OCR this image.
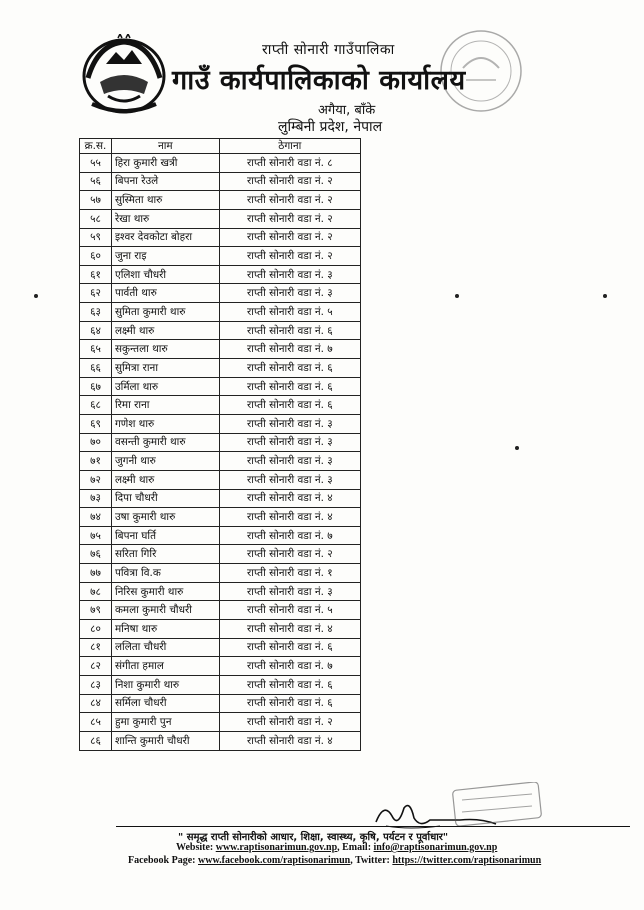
राप्ती सोनारी गाउँपालिका
गाउँ कार्यपालिकाको कार्यालय
अगैया, बाँके
लुम्बिनी प्रदेश, नेपाल
क्र.स.	नाम	ठेगाना
५५	हिरा कुमारी खत्री	राप्ती सोनारी वडा नं. ८
५६	बिपना रेउले	राप्ती सोनारी वडा नं. २
५७	सुस्मिता थारु	राप्ती सोनारी वडा नं. २
५८	रेखा थारु	राप्ती सोनारी वडा नं. २
५९	इश्वर देवकोटा बोहरा	राप्ती सोनारी वडा नं. २
६०	जुना राइ	राप्ती सोनारी वडा नं. २
६१	एलिशा चौधरी	राप्ती सोनारी वडा नं. ३
६२	पार्वती थारु	राप्ती सोनारी वडा नं. ३
६३	सुमिता कुमारी थारु	राप्ती सोनारी वडा नं. ५
६४	लक्ष्मी थारु	राप्ती सोनारी वडा नं. ६
६५	सकुन्तला थारु	राप्ती सोनारी वडा नं. ७
६६	सुमित्रा राना	राप्ती सोनारी वडा नं. ६
६७	उर्मिला थारु	राप्ती सोनारी वडा नं. ६
६८	रिमा राना	राप्ती सोनारी वडा नं. ६
६९	गणेश थारु	राप्ती सोनारी वडा नं. ३
७०	वसन्ती कुमारी थारु	राप्ती सोनारी वडा नं. ३
७१	जुगनी थारु	राप्ती सोनारी वडा नं. ३
७२	लक्ष्मी थारु	राप्ती सोनारी वडा नं. ३
७३	दिपा चौधरी	राप्ती सोनारी वडा नं. ४
७४	उषा कुमारी थारु	राप्ती सोनारी वडा नं. ४
७५	बिपना घर्ति	राप्ती सोनारी वडा नं. ७
७६	सरिता गिरि	राप्ती सोनारी वडा नं. २
७७	पवित्रा वि.क	राप्ती सोनारी वडा नं. १
७८	निरिस कुमारी थारु	राप्ती सोनारी वडा नं. ३
७९	कमला कुमारी चौधरी	राप्ती सोनारी वडा नं. ५
८०	मनिषा थारु	राप्ती सोनारी वडा नं. ४
८१	ललिता चौधरी	राप्ती सोनारी वडा नं. ६
८२	संगीता हमाल	राप्ती सोनारी वडा नं. ७
८३	निशा कुमारी थारु	राप्ती सोनारी वडा नं. ६
८४	सर्मिला चौधरी	राप्ती सोनारी वडा नं. ६
८५	हुमा कुमारी पुन	राप्ती सोनारी वडा नं. २
८६	शान्ति कुमारी चौधरी	राप्ती सोनारी वडा नं. ४
" समृद्ध राप्ती सोनारीको आधार, शिक्षा, स्वास्थ्य, कृषि, पर्यटन र पूर्वाधार"
Website: www.raptisonarimun.gov.np, Email: info@raptisonarimun.gov.np
Facebook Page: www.facebook.com/raptisonarimun, Twitter: https://twitter.com/raptisonarimun
